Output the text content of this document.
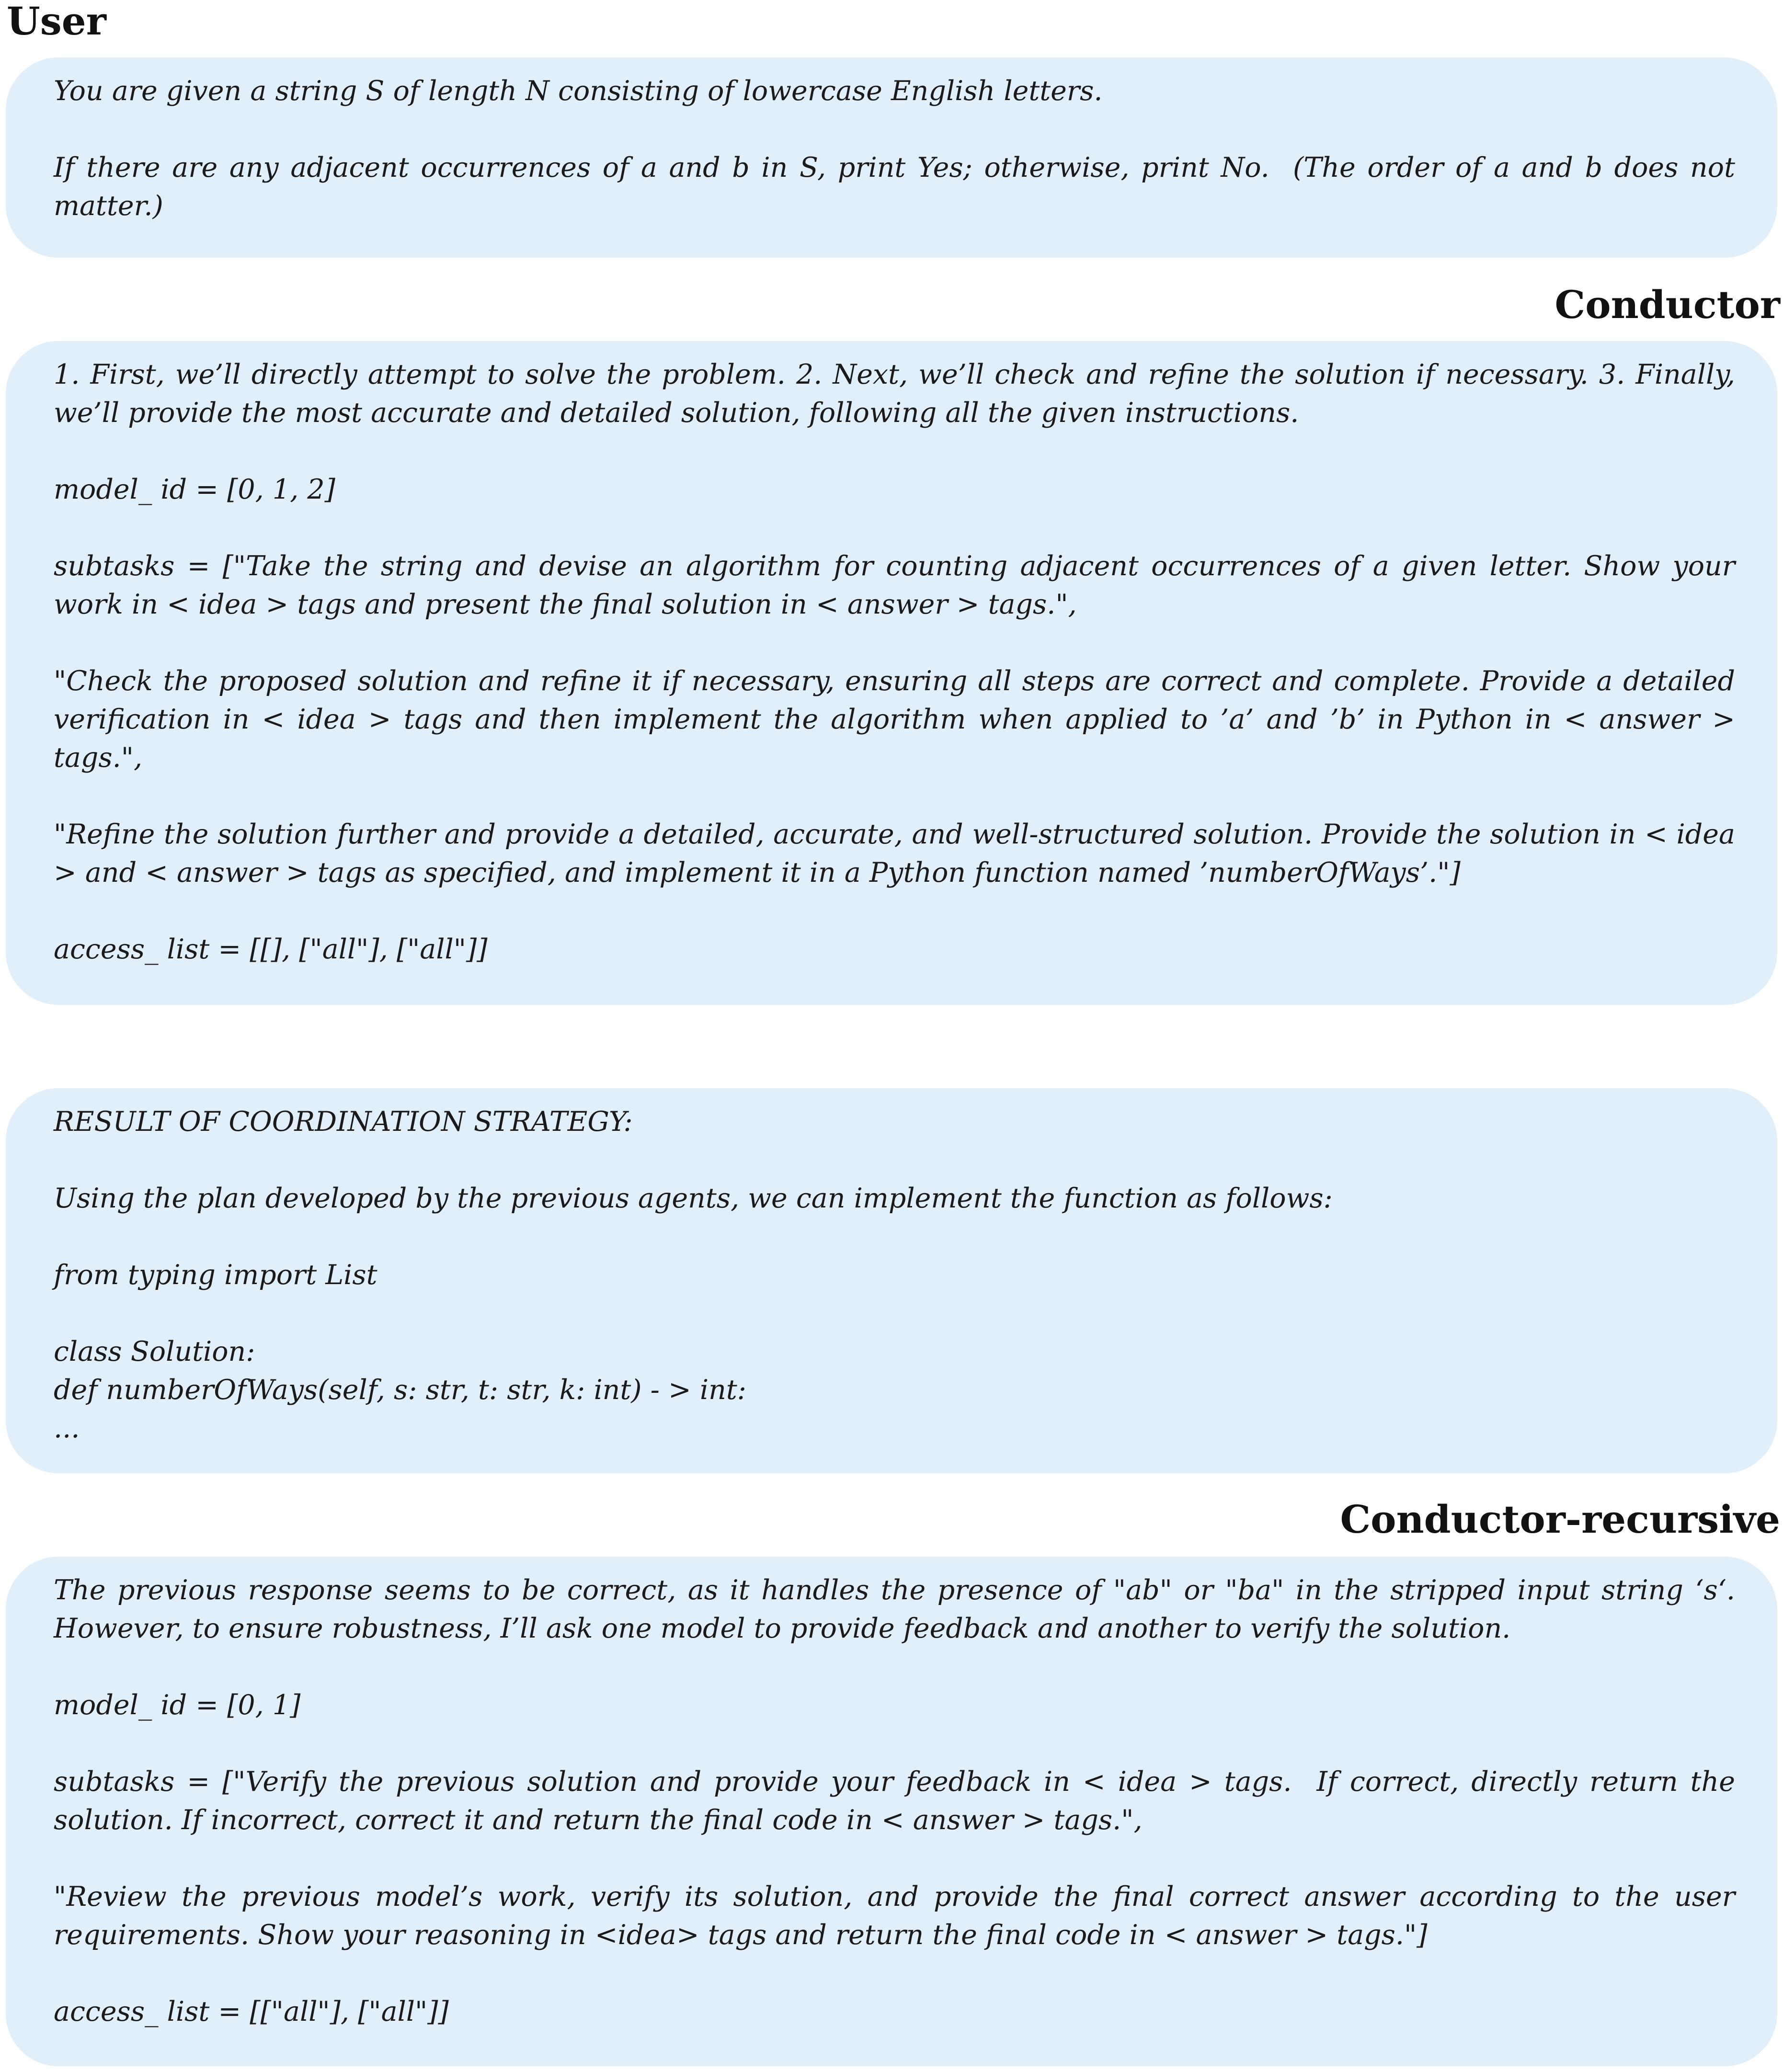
User

You are given a string S of length N consisting of lowercase English letters.

If there are any adjacent occurrences of a and b in S, print Yes; otherwise, print No.  (The order of a and b does not matter.)

Conductor

1. First, we’ll directly attempt to solve the problem. 2. Next, we’ll check and refine the solution if necessary. 3. Finally, we’ll provide the most accurate and detailed solution, following all the given instructions.

model_ id = [0, 1, 2]

subtasks = ["Take the string and devise an algorithm for counting adjacent occurrences of a given letter. Show your work in < idea > tags and present the final solution in < answer > tags.",

"Check the proposed solution and refine it if necessary, ensuring all steps are correct and complete. Provide a detailed verification in < idea > tags and then implement the algorithm when applied to ’a’ and ’b’ in Python in < answer > tags.",

"Refine the solution further and provide a detailed, accurate, and well-structured solution. Provide the solution in < idea > and < answer > tags as specified, and implement it in a Python function named ’numberOfWays’."]

access_ list = [[], ["all"], ["all"]]

RESULT OF COORDINATION STRATEGY:

Using the plan developed by the previous agents, we can implement the function as follows:

from typing import List

class Solution:

def numberOfWays(self, s: str, t: str, k: int) - > int:

...

Conductor-recursive

The previous response seems to be correct, as it handles the presence of "ab" or "ba" in the stripped input string ‘s‘. However, to ensure robustness, I’ll ask one model to provide feedback and another to verify the solution.

model_ id = [0, 1]

subtasks = ["Verify the previous solution and provide your feedback in < idea > tags.  If correct, directly return the solution. If incorrect, correct it and return the final code in < answer > tags.",

"Review the previous model’s work, verify its solution, and provide the final correct answer according to the user requirements. Show your reasoning in <idea> tags and return the final code in < answer > tags."]

access_ list = [["all"], ["all"]]
